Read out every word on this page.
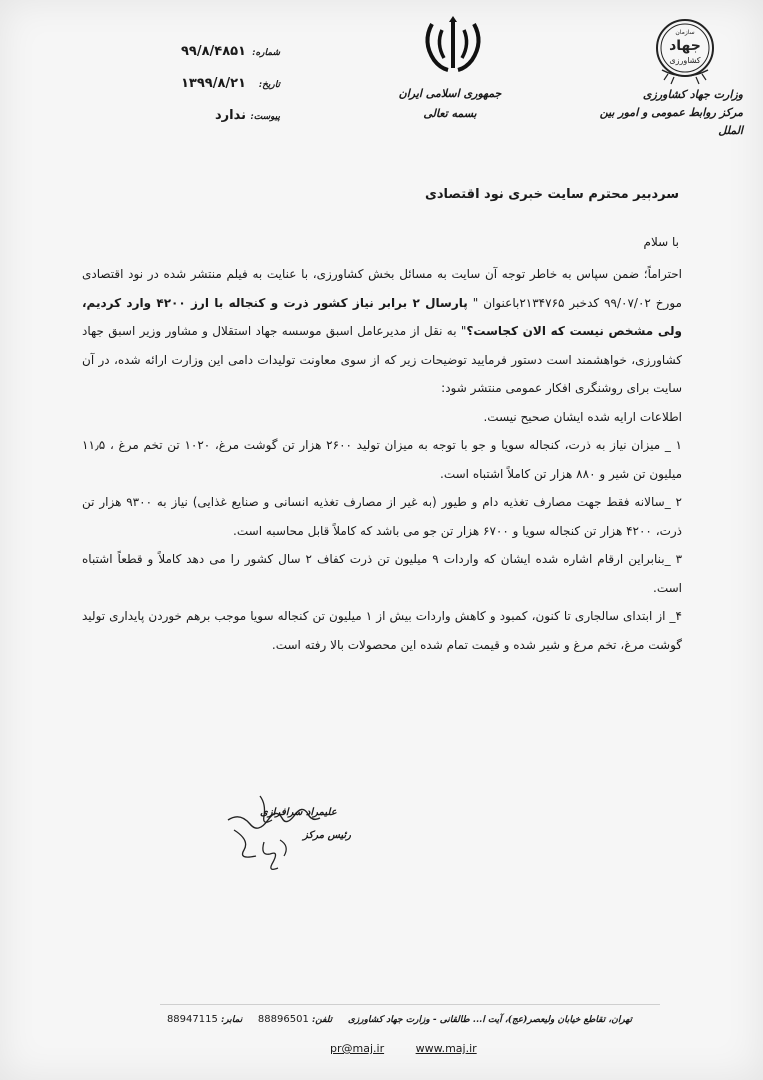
سازمان
جهاد
کشاورزی
وزارت جهاد کشاورزی
مرکز روابط عمومی و امور بین الملل
جمهوری اسلامی ایران
بسمه تعالی
شماره:
۹۹/۸/۴۸۵۱
تاریخ:
۱۳۹۹/۸/۲۱
پیوست:
ندارد
سردبیر محترم سایت خبری نود اقتصادی
با سلام

احتراماً؛ ضمن سپاس به خاطر توجه آن سایت به مسائل بخش کشاورزی، با عنایت به فیلم منتشر شده در نود اقتصادی مورخ ۹۹/۰۷/۰۲ کدخبر ۲۱۳۴۷۶۵باعنوان " پارسال ۲ برابر نیاز کشور ذرت و کنجاله با ارز ۴۲۰۰ وارد کردیم، ولی مشخص نیست که الان کجاست؟" به نقل از مدیرعامل اسبق موسسه جهاد استقلال و مشاور وزیر اسبق جهاد کشاورزی، خواهشمند است دستور فرمایید توضیحات زیر که از سوی معاونت تولیدات دامی این وزارت ارائه شده، در آن سایت برای روشنگری افکار عمومی منتشر شود:

اطلاعات ارایه شده ایشان صحیح نیست.

۱ _ میزان نیاز به ذرت، کنجاله سویا و جو با توجه به میزان تولید ۲۶۰۰ هزار تن گوشت مرغ، ۱۰۲۰ تن تخم مرغ ، ۱۱٫۵ میلیون تن شیر و ۸۸۰ هزار تن کاملاً اشتباه است.

۲ _سالانه فقط جهت مصارف تغذیه دام و طیور (به غیر از مصارف تغذیه انسانی و صنایع غذایی) نیاز به ۹۳۰۰ هزار تن ذرت، ۴۲۰۰ هزار تن کنجاله سویا و ۶۷۰۰ هزار تن جو می باشد که کاملاً قابل محاسبه است.

۳ _بنابراین ارقام اشاره شده ایشان که واردات ۹ میلیون تن ذرت کفاف ۲ سال کشور را می دهد کاملاً و قطعاً اشتباه است.

۴_ از ابتدای سالجاری تا کنون، کمبود و کاهش واردات بیش از ۱ میلیون تن کنجاله سویا موجب برهم خوردن پایداری تولید گوشت مرغ، تخم مرغ و شیر شده و قیمت تمام شده این محصولات بالا رفته است.

علیمراد سرافرازی
رئیس مرکز
تهران، تقاطع خیابان ولیعصر(عج)، آیت ا... طالقانی - وزارت جهاد کشاورزی     تلفن: 88896501     نمابر: 88947115
pr@maj.ir	www.maj.ir
